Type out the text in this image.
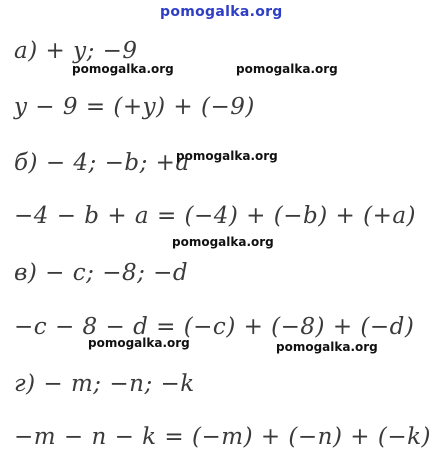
pomogalka.org
а) + y; −9
pomogalka.org	pomogalka.org
y − 9 = (+y) + (−9)
б) − 4; −b; +a
pomogalka.org
−4 − b + a = (−4) + (−b) + (+a)
pomogalka.org
в) − c; −8; −d
−c − 8 − d = (−c) + (−8) + (−d)
pomogalka.org	pomogalka.org
г) − m; −n; −k
−m − n − k = (−m) + (−n) + (−k)
